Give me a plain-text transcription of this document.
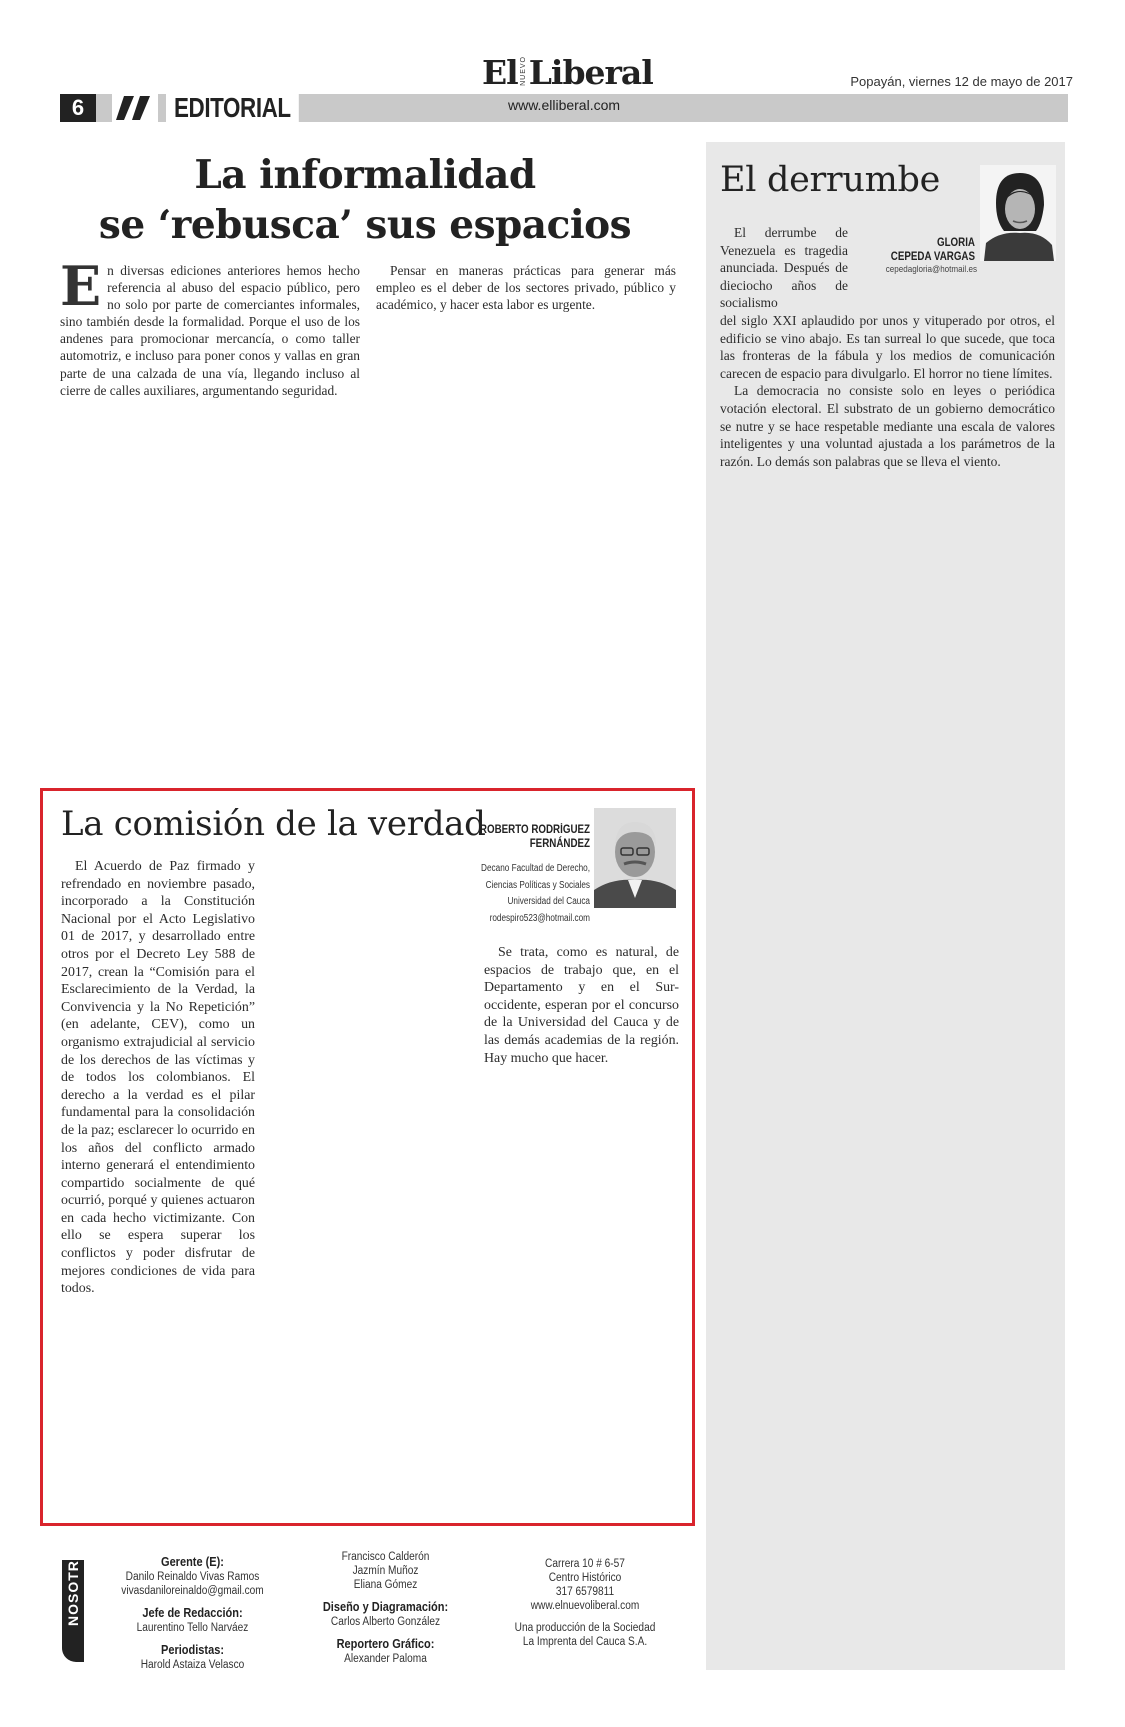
El NUEVO Liberal	Popayán, viernes 12 de mayo de 2017
6	EDITORIAL	www.elliberal.com
La informalidad
se ‘rebusca’ sus espacios

En diversas ediciones anteriores hemos hecho referencia al abuso del espacio público, pero no solo por parte de comerciantes informales, sino también desde la formalidad. Porque el uso de los andenes para promocionar mercancía, o como taller automotriz, e incluso para poner conos y vallas en gran parte de una calzada de una vía, llegando incluso al cierre de calles auxiliares, argumentando seguridad.

Pensar en maneras prácticas para generar más empleo es el deber de los sectores privado, público y académico, y hacer esta labor es urgente.

La comisión de la verdad
ROBERTO RODRÍGUEZ
FERNÁNDEZ
Decano Facultad de Derecho,
Ciencias Políticas y Sociales
Universidad del Cauca
rodespiro523@hotmail.com

El Acuerdo de Paz firmado y refrendado en noviembre pasado, incorporado a la Constitución Nacional por el Acto Legislativo 01 de 2017, y desarrollado entre otros por el Decreto Ley 588 de 2017, crean la “Comisión para el Esclarecimiento de la Verdad, la Convivencia y la No Repetición” (en adelante, CEV), como un organismo extrajudicial al servicio de los derechos de las víctimas y de todos los colombianos. El derecho a la verdad es el pilar fundamental para la consolidación de la paz; esclarecer lo ocurrido en los años del conflicto armado interno generará el entendimiento compartido socialmente de qué ocurrió, porqué y quienes actuaron en cada hecho victimizante. Con ello se espera superar los conflictos y poder disfrutar de mejores condiciones de vida para todos.

Se trata, como es natural, de espacios de trabajo que, en el Departamento y en el Sur-occidente, esperan por el concurso de la Universidad del Cauca y de las demás academias de la región. Hay mucho que hacer.

El derrumbe
GLORIA
CEPEDA VARGAS
cepedagloria@hotmail.es

El derrumbe de Venezuela es tragedia anunciada. Después de dieciocho años de socialismo

del siglo XXI aplaudido por unos y vituperado por otros, el edificio se vino abajo. Es tan surreal lo que sucede, que toca las fronteras de la fábula y los medios de comunicación carecen de espacio para divulgarlo. El horror no tiene límites.

La democracia no consiste solo en leyes o periódica votación electoral. El substrato de un gobierno democrático se nutre y se hace respetable mediante una escala de valores inteligentes y una voluntad ajustada a los parámetros de la razón. Lo demás son palabras que se lleva el viento.

Gerente (E):
Danilo Reinaldo Vivas Ramos
vivasdaniloreinaldo@gmail.com
Jefe de Redacción:
Laurentino Tello Narváez
Periodistas:
Harold Astaiza Velasco
Francisco Calderón
Jazmín Muñoz
Eliana Gómez
Diseño y Diagramación:
Carlos Alberto González
Reportero Gráfico:
Alexander Paloma
Carrera 10 # 6-57
Centro Histórico
317 6579811
www.elnuevoliberal.com
Una producción de la Sociedad
La Imprenta del Cauca S.A.
